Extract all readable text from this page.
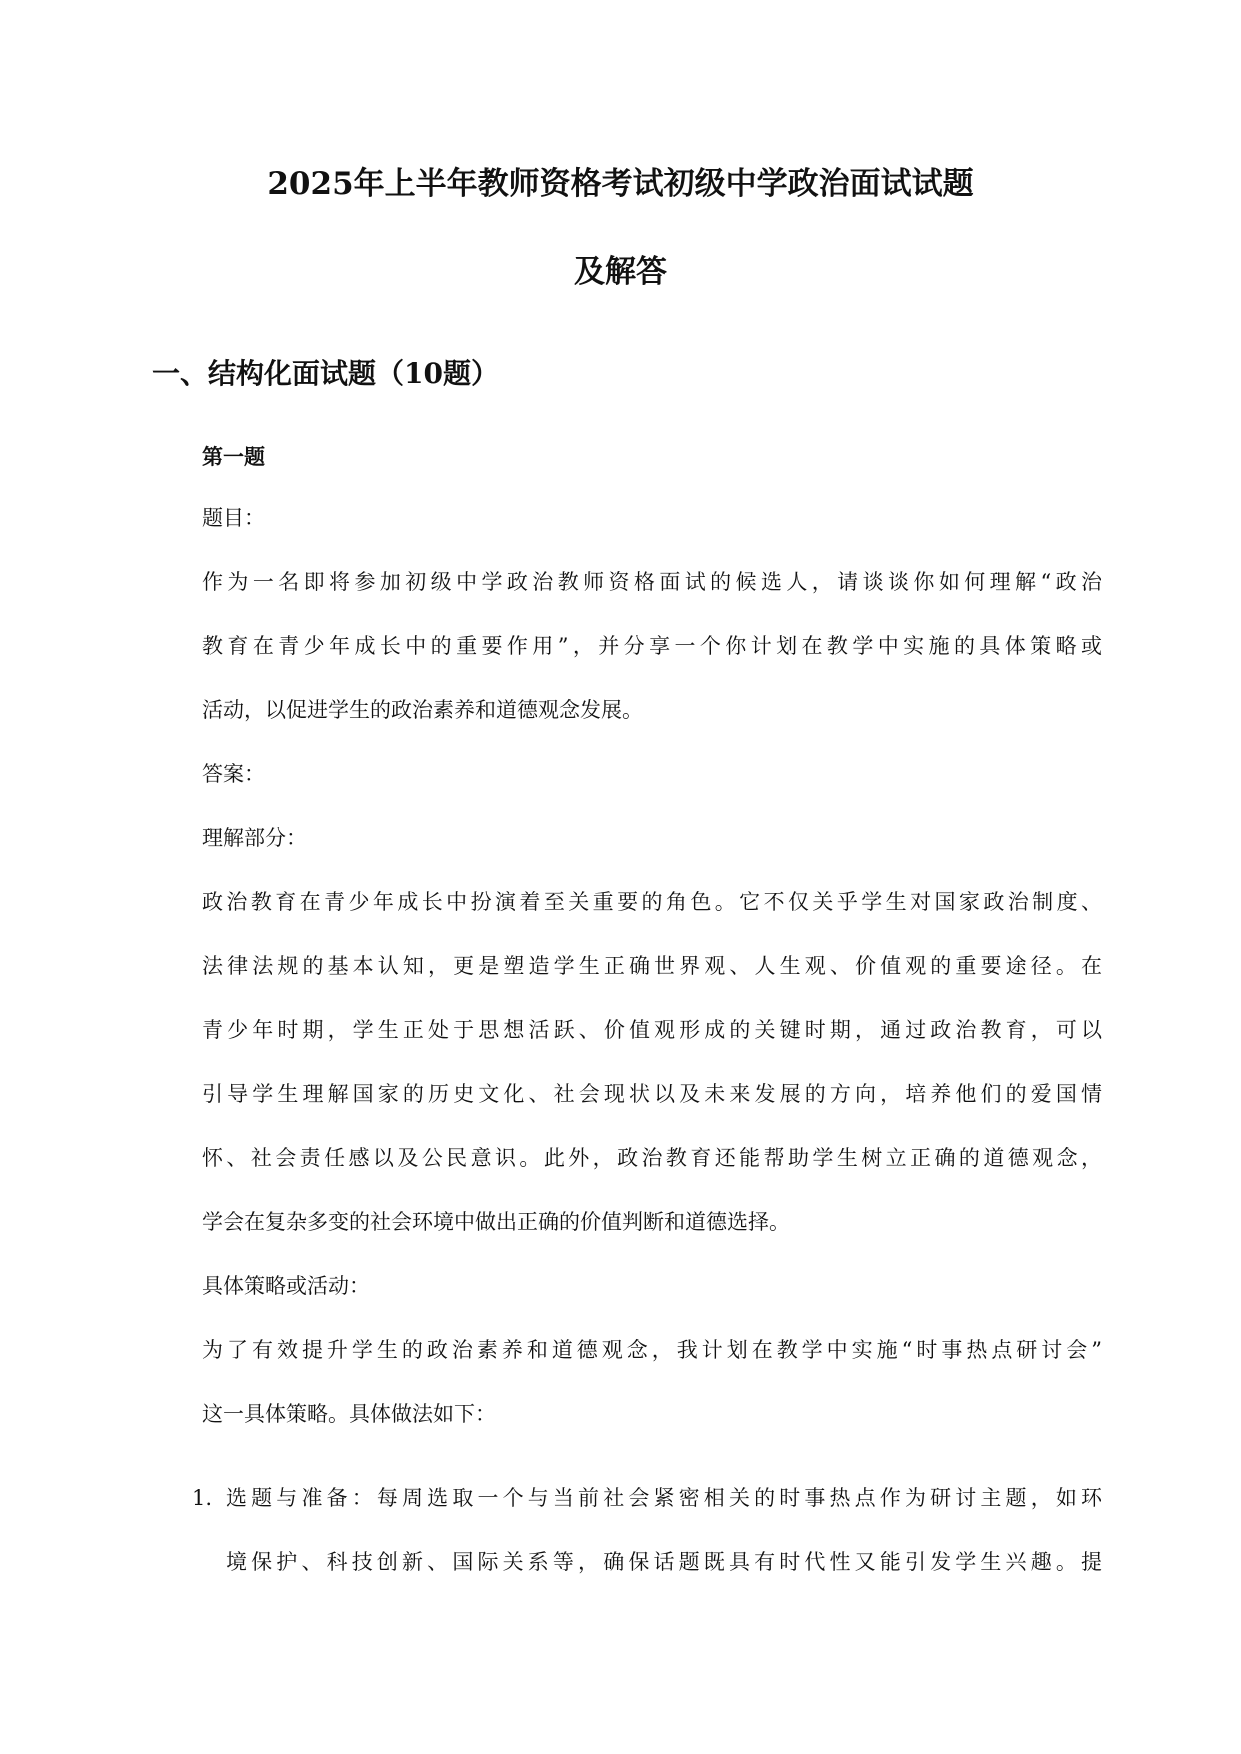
2025年上半年教师资格考试初级中学政治面试试题
及解答
一、结构化面试题（10题）
第一题
题目：
作为一名即将参加初级中学政治教师资格面试的候选人，请谈谈你如何理解“政治
教育在青少年成长中的重要作用”，并分享一个你计划在教学中实施的具体策略或
活动，以促进学生的政治素养和道德观念发展。
答案：
理解部分：
政治教育在青少年成长中扮演着至关重要的角色。它不仅关乎学生对国家政治制度、
法律法规的基本认知，更是塑造学生正确世界观、人生观、价值观的重要途径。在
青少年时期，学生正处于思想活跃、价值观形成的关键时期，通过政治教育，可以
引导学生理解国家的历史文化、社会现状以及未来发展的方向，培养他们的爱国情
怀、社会责任感以及公民意识。此外，政治教育还能帮助学生树立正确的道德观念，
学会在复杂多变的社会环境中做出正确的价值判断和道德选择。
具体策略或活动：
为了有效提升学生的政治素养和道德观念，我计划在教学中实施“时事热点研讨会”
这一具体策略。具体做法如下：
1. 选题与准备：每周选取一个与当前社会紧密相关的时事热点作为研讨主题，如环
境保护、科技创新、国际关系等，确保话题既具有时代性又能引发学生兴趣。提
